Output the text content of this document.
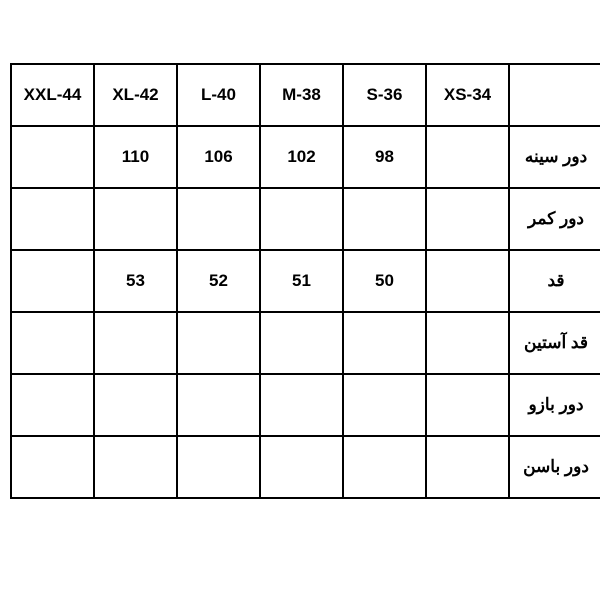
	XS-34	S-36	M-38	L-40	XL-42	XXL-44
دور سینه		98	102	106	110	
دور کمر						
قد		50	51	52	53	
قد آستین						
دور بازو						
دور باسن						
